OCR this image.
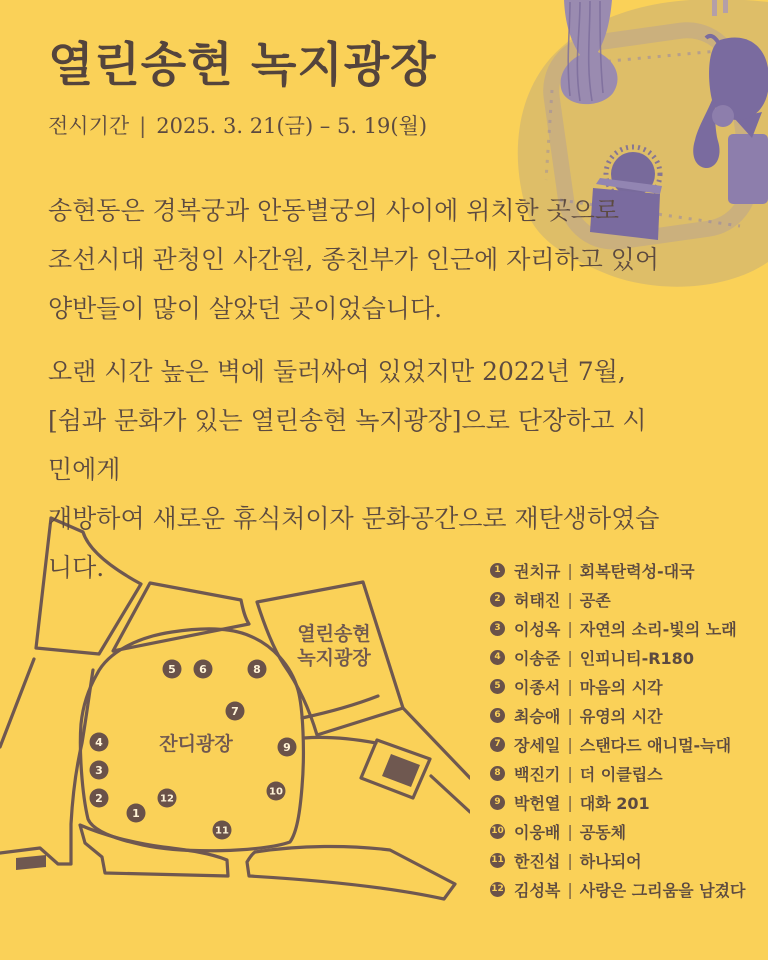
열린송현 녹지광장
전시기간 | 2025. 3. 21(금) – 5. 19(월)

송현동은 경복궁과 안동별궁의 사이에 위치한 곳으로
조선시대 관청인 사간원, 종친부가 인근에 자리하고 있어
양반들이 많이 살았던 곳이었습니다.

오랜 시간 높은 벽에 둘러싸여 있었지만 2022년 7월,
[쉼과 문화가 있는 열린송현 녹지광장]으로 단장하고 시민에게
개방하여 새로운 휴식처이자 문화공간으로 재탄생하였습니다.

열린송현
녹지광장
잔디광장
1
2
3
4
5 6
7
8
9
10
11
12
1 권치규 | 회복탄력성-대국
2 허태진 | 공존
3 이성옥 | 자연의 소리-빛의 노래
4 이송준 | 인피니티-R180
5 이종서 | 마음의 시각
6 최승애 | 유영의 시간
7 장세일 | 스탠다드 애니멀-늑대
8 백진기 | 더 이클립스
9 박헌열 | 대화 201
10 이웅배 | 공동체
11 한진섭 | 하나되어
12 김성복 | 사랑은 그리움을 남겼다
